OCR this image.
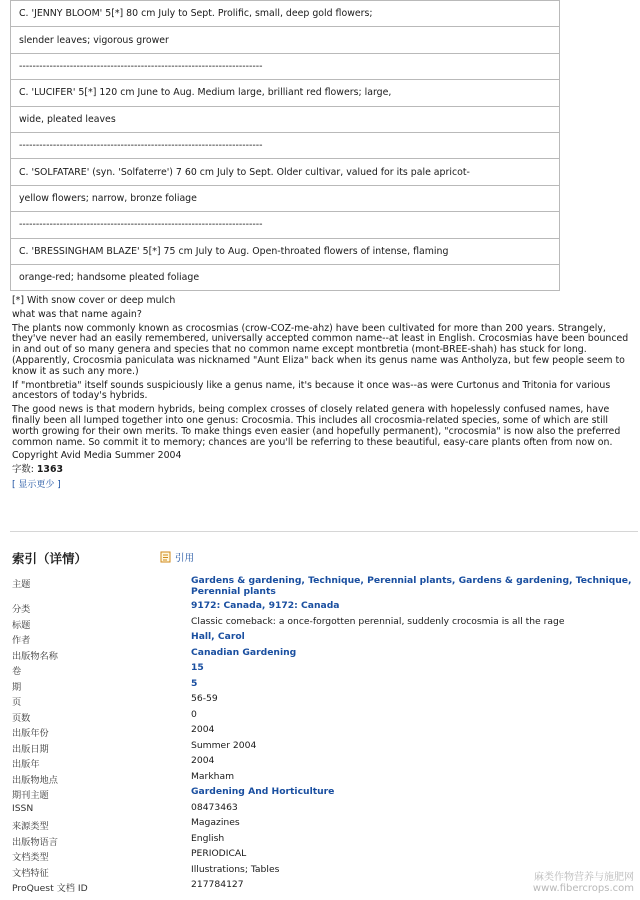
C. 'JENNY BLOOM' 5[*] 80 cm July to Sept. Prolific, small, deep gold flowers;
slender leaves; vigorous grower
------------------------------------------------------------------------
C. 'LUCIFER' 5[*] 120 cm June to Aug. Medium large, brilliant red flowers; large,
wide, pleated leaves
------------------------------------------------------------------------
C. 'SOLFATARE' (syn. 'Solfaterre') 7 60 cm July to Sept. Older cultivar, valued for its pale apricot-
yellow flowers; narrow, bronze foliage
------------------------------------------------------------------------
C. 'BRESSINGHAM BLAZE' 5[*] 75 cm July to Aug. Open-throated flowers of intense, flaming
orange-red; handsome pleated foliage

[*] With snow cover or deep mulch

what was that name again?

The plants now commonly known as crocosmias (crow-COZ-me-ahz) have been cultivated for more than 200 years. Strangely, they've never had an easily remembered, universally accepted common name--at least in English. Crocosmias have been bounced in and out of so many genera and species that no common name except montbretia (mont-BREE-shah) has stuck for long. (Apparently, Crocosmia paniculata was nicknamed "Aunt Eliza" back when its genus name was Antholyza, but few people seem to know it as such any more.)

If "montbretia" itself sounds suspiciously like a genus name, it's because it once was--as were Curtonus and Tritonia for various ancestors of today's hybrids.

The good news is that modern hybrids, being complex crosses of closely related genera with hopelessly confused names, have finally been all lumped together into one genus: Crocosmia. This includes all crocosmia-related species, some of which are still worth growing for their own merits. To make things even easier (and hopefully permanent), "crocosmia" is now also the preferred common name. So commit it to memory; chances are you'll be referring to these beautiful, easy-care plants often from now on.

Copyright Avid Media Summer 2004

字数: 1363
[ 显示更少 ]
索引（详情）	引用
主题	Gardens & gardening, Technique, Perennial plants, Gardens & gardening, Technique, Perennial plants
分类	9172: Canada, 9172: Canada
标题	Classic comeback: a once-forgotten perennial, suddenly crocosmia is all the rage
作者	Hall, Carol
出版物名称	Canadian Gardening
卷	15
期	5
页	56-59
页数	0
出版年份	2004
出版日期	Summer 2004
出版年	2004
出版物地点	Markham
期刊主题	Gardening And Horticulture
ISSN	08473463
来源类型	Magazines
出版物语言	English
文档类型	PERIODICAL
文档特征	Illustrations; Tables
ProQuest 文档 ID	217784127
麻类作物营养与施肥网
www.fibercrops.com
